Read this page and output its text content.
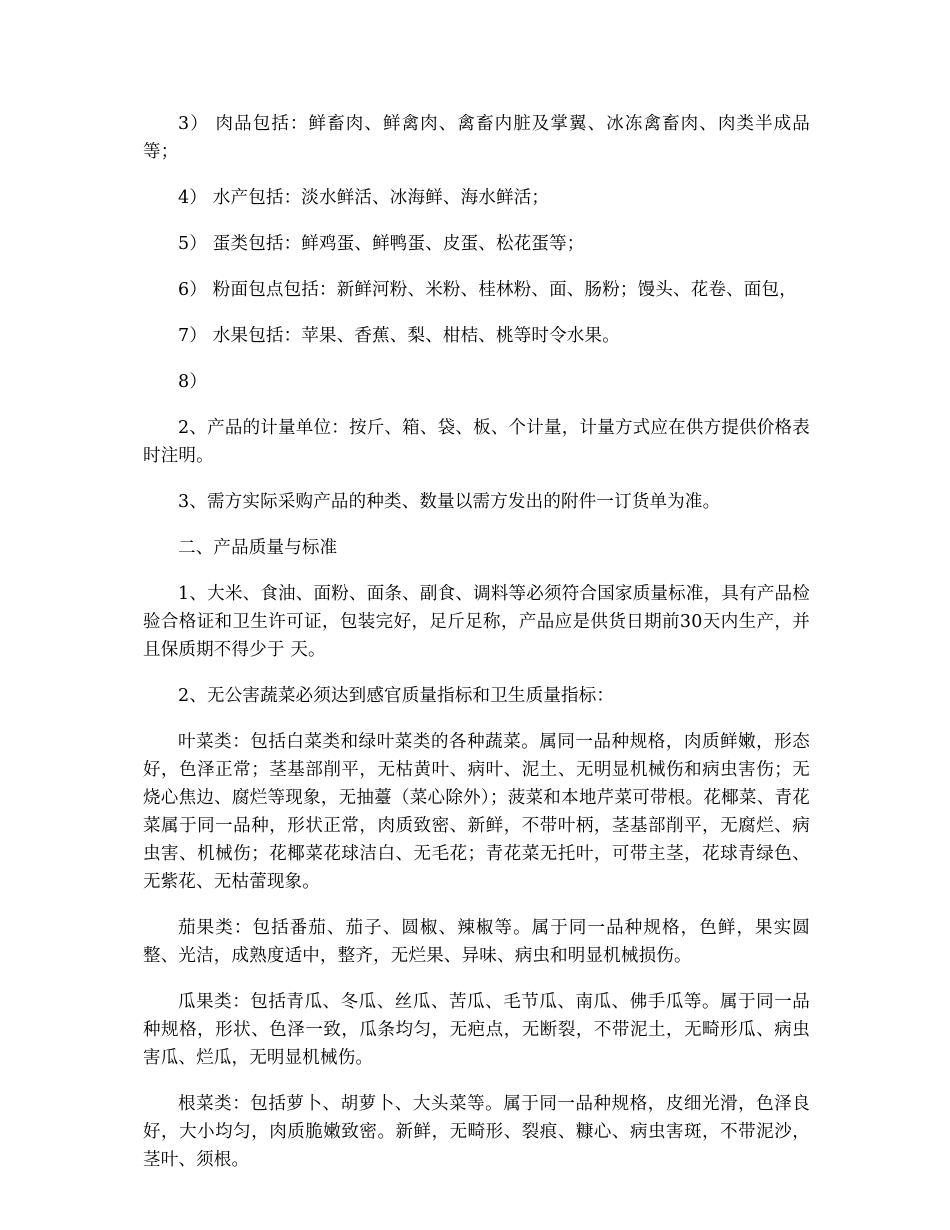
3） 肉品包括：鲜畜肉、鲜禽肉、禽畜内脏及掌翼、冰冻禽畜肉、肉类半成品等；

4） 水产包括：淡水鲜活、冰海鲜、海水鲜活；

5） 蛋类包括：鲜鸡蛋、鲜鸭蛋、皮蛋、松花蛋等；

6） 粉面包点包括：新鲜河粉、米粉、桂林粉、面、肠粉；馒头、花卷、面包，

7） 水果包括：苹果、香蕉、梨、柑桔、桃等时令水果。

8）

2、产品的计量单位：按斤、箱、袋、板、个计量，计量方式应在供方提供价格表时注明。

3、需方实际采购产品的种类、数量以需方发出的附件一订货单为准。

二、产品质量与标准

1、大米、食油、面粉、面条、副食、调料等必须符合国家质量标准，具有产品检验合格证和卫生许可证，包装完好，足斤足称，产品应是供货日期前30天内生产，并且保质期不得少于 天。

2、无公害蔬菜必须达到感官质量指标和卫生质量指标：

叶菜类：包括白菜类和绿叶菜类的各种蔬菜。属同一品种规格，肉质鲜嫩，形态好，色泽正常；茎基部削平，无枯黄叶、病叶、泥土、无明显机械伤和病虫害伤；无烧心焦边、腐烂等现象，无抽薹（菜心除外）；菠菜和本地芹菜可带根。花椰菜、青花菜属于同一品种，形状正常，肉质致密、新鲜，不带叶柄，茎基部削平，无腐烂、病虫害、机械伤；花椰菜花球洁白、无毛花；青花菜无托叶，可带主茎，花球青绿色、无紫花、无枯蕾现象。

茄果类：包括番茄、茄子、圆椒、辣椒等。属于同一品种规格，色鲜，果实圆整、光洁，成熟度适中，整齐，无烂果、异味、病虫和明显机械损伤。

瓜果类：包括青瓜、冬瓜、丝瓜、苦瓜、毛节瓜、南瓜、佛手瓜等。属于同一品种规格，形状、色泽一致，瓜条均匀，无疤点，无断裂，不带泥土，无畸形瓜、病虫害瓜、烂瓜，无明显机械伤。

根菜类：包括萝卜、胡萝卜、大头菜等。属于同一品种规格，皮细光滑，色泽良好，大小均匀，肉质脆嫩致密。新鲜，无畸形、裂痕、糠心、病虫害斑，不带泥沙，茎叶、须根。
